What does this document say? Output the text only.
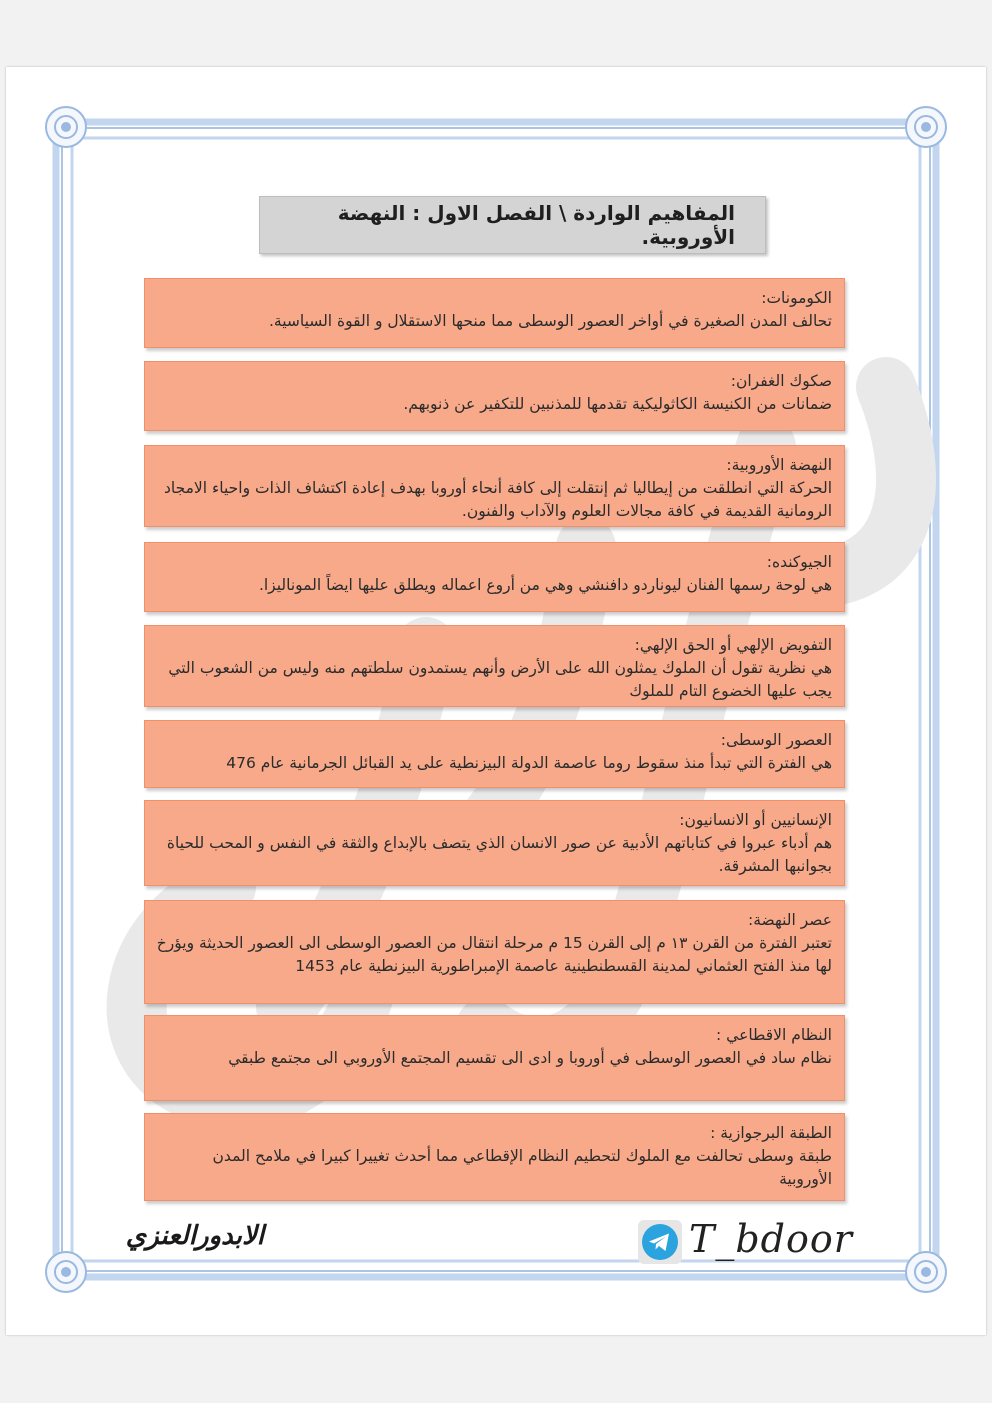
المفاهيم الواردة \ الفصل الاول : النهضة الأوروبية.
الكومونات:
تحالف المدن الصغيرة في أواخر العصور الوسطى مما منحها الاستقلال و القوة السياسية.
صكوك الغفران:
ضمانات من الكنيسة الكاثوليكية تقدمها للمذنبين للتكفير عن ذنوبهم.
النهضة الأوروبية:
الحركة التي انطلقت من إيطاليا ثم إنتقلت إلى كافة أنحاء أوروبا بهدف إعادة اكتشاف الذات واحياء الامجاد الرومانية القديمة في كافة مجالات العلوم والآداب والفنون.
الجيوكنده:
هي لوحة رسمها الفنان ليوناردو دافنشي وهي من أروع اعماله ويطلق عليها ايضاً الموناليزا.
التفويض الإلهي أو الحق الإلهي:
هي نظرية تقول أن الملوك يمثلون الله على الأرض وأنهم يستمدون سلطتهم منه وليس من الشعوب التي يجب عليها الخضوع التام للملوك
العصور الوسطى:
هي الفترة التي تبدأ منذ سقوط روما عاصمة الدولة البيزنطية على يد القبائل الجرمانية عام 476
الإنسانيين أو الانسانيون:
هم أدباء عبروا في كتاباتهم الأدبية عن صور الانسان الذي يتصف بالإبداع والثقة في النفس و المحب للحياة بجوانبها المشرقة.
عصر النهضة:
تعتبر الفترة من القرن ١٣ م إلى القرن 15 م مرحلة انتقال من العصور الوسطى الى العصور الحديثة ويؤرخ لها منذ الفتح العثماني لمدينة القسطنطينية عاصمة الإمبراطورية البيزنطية عام 1453
النظام الاقطاعي :
نظام ساد في العصور الوسطى في أوروبا و ادى الى تقسيم المجتمع الأوروبي الى مجتمع طبقي
الطبقة البرجوازية :
طبقة وسطى تحالفت مع الملوك لتحطيم النظام الإقطاعي مما أحدث تغييرا كبيرا في ملامح المدن الأوروبية
الابدورالعنزي	T_bdoor
